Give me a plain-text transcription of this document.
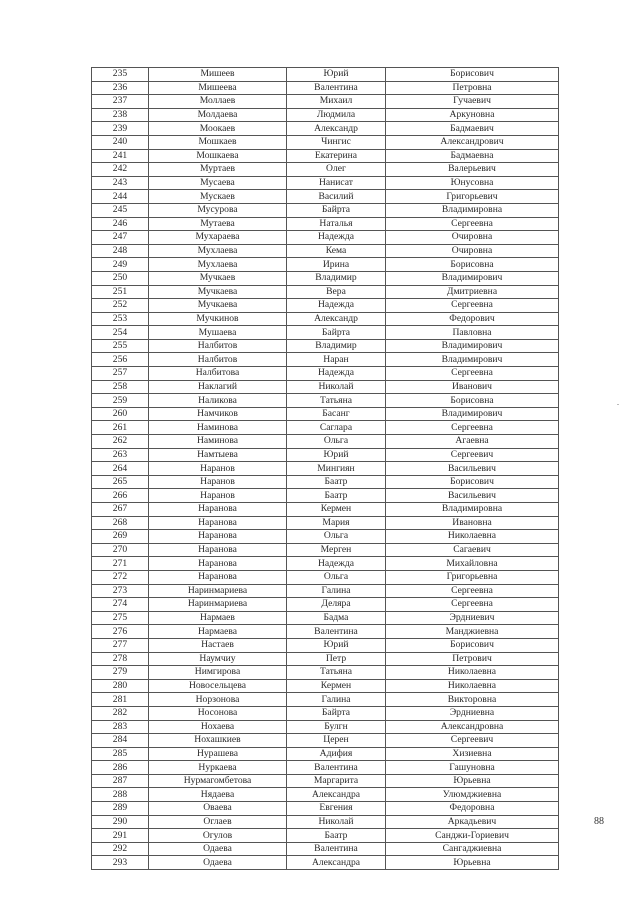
235	Мишеев	Юрий	Борисович
236	Мишеева	Валентина	Петровна
237	Моллаев	Михаил	Гучаевич
238	Молдаева	Людмила	Аркуновна
239	Моокаев	Александр	Бадмаевич
240	Мошкаев	Чингис	Александрович
241	Мошкаева	Екатерина	Бадмаевна
242	Муртаев	Олег	Валерьевич
243	Мусаева	Нанисат	Юнусовна
244	Мускаев	Василий	Григорьевич
245	Мусурова	Байрта	Владимировна
246	Мутаева	Наталья	Сергеевна
247	Мухараева	Надежда	Очировна
248	Мухлаева	Кема	Очировна
249	Мухлаева	Ирина	Борисовна
250	Мучкаев	Владимир	Владимирович
251	Мучкаева	Вера	Дмитриевна
252	Мучкаева	Надежда	Сергеевна
253	Мучкинов	Александр	Федорович
254	Мушаева	Байрта	Павловна
255	Налбитов	Владимир	Владимирович
256	Налбитов	Наран	Владимирович
257	Налбитова	Надежда	Сергеевна
258	Наклагий	Николай	Иванович
259	Наликова	Татьяна	Борисовна
260	Намчиков	Басанг	Владимирович
261	Наминова	Саглара	Сергеевна
262	Наминова	Ольга	Агаевна
263	Намтыева	Юрий	Сергеевич
264	Наранов	Мингиян	Васильевич
265	Наранов	Баатр	Борисович
266	Наранов	Баатр	Васильевич
267	Наранова	Кермен	Владимировна
268	Наранова	Мария	Ивановна
269	Наранова	Ольга	Николаевна
270	Наранова	Мерген	Сагаевич
271	Наранова	Надежда	Михайловна
272	Наранова	Ольга	Григорьевна
273	Наринмариева	Галина	Сергеевна
274	Наринмариева	Деляра	Сергеевна
275	Нармаев	Бадма	Эрдниевич
276	Нармаева	Валентина	Манджиевна
277	Настаев	Юрий	Борисович
278	Наумчиу	Петр	Петрович
279	Нимгирова	Татьяна	Николаевна
280	Новосельцева	Кермен	Николаевна
281	Норзонова	Галина	Викторовна
282	Носонова	Байрта	Эрдниевна
283	Нохаева	Булгн	Александровна
284	Нохашкиев	Церен	Сергеевич
285	Нурашева	Адифия	Хизиевна
286	Нуркаева	Валентина	Гашуновна
287	Нурмагомбетова	Маргарита	Юрьевна
288	Нядаева	Александра	Улюмджиевна
289	Оваева	Евгения	Федоровна
290	Оглаев	Николай	Аркадьевич
291	Огулов	Баатр	Санджи-Гориевич
292	Одаева	Валентина	Сангаджиевна
293	Одаева	Александра	Юрьевна
88
